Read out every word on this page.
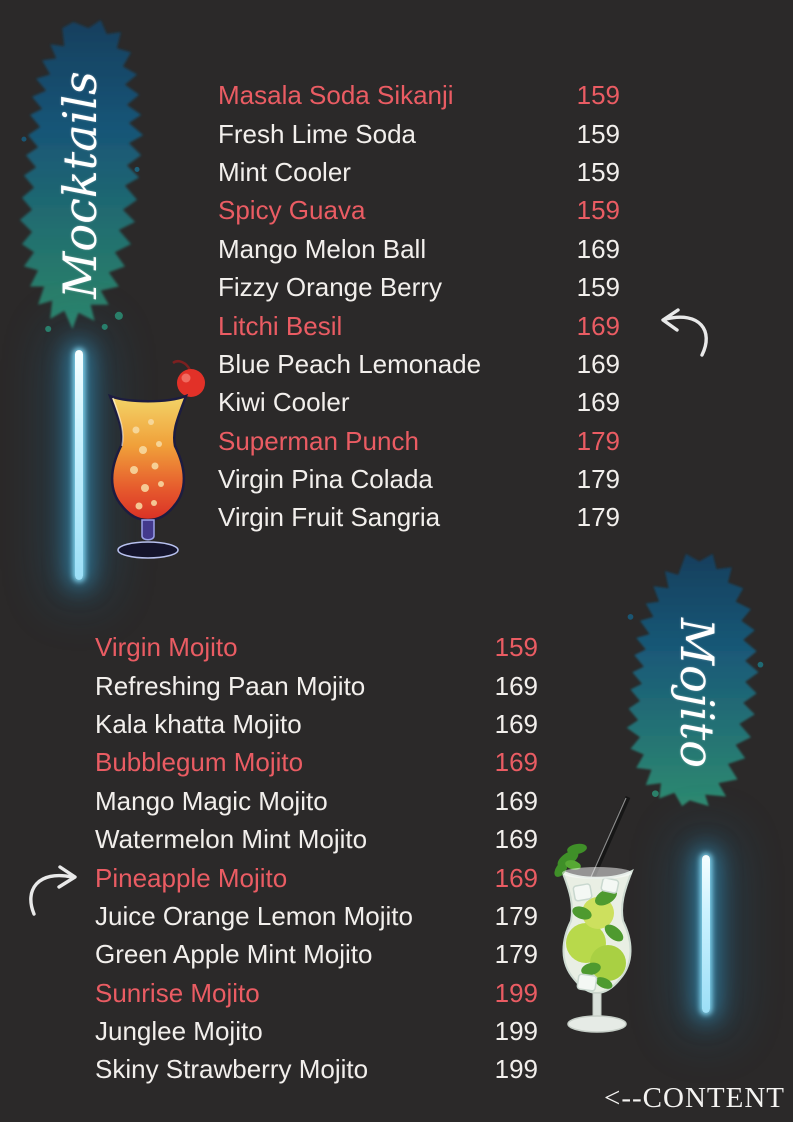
Mocktails
Mojito
Masala Soda Sikanji	159
Fresh Lime Soda	159
Mint Cooler	159
Spicy Guava	159
Mango Melon Ball	169
Fizzy Orange Berry	159
Litchi Besil	169
Blue Peach Lemonade	169
Kiwi Cooler	169
Superman Punch	179
Virgin Pina Colada	179
Virgin Fruit Sangria	179
Virgin Mojito	159
Refreshing Paan Mojito	169
Kala khatta Mojito	169
Bubblegum Mojito	169
Mango Magic Mojito	169
Watermelon Mint Mojito	169
Pineapple Mojito	169
Juice Orange Lemon Mojito	179
Green Apple Mint Mojito	179
Sunrise Mojito	199
Junglee Mojito	199
Skiny Strawberry Mojito	199
<--CONTENT
